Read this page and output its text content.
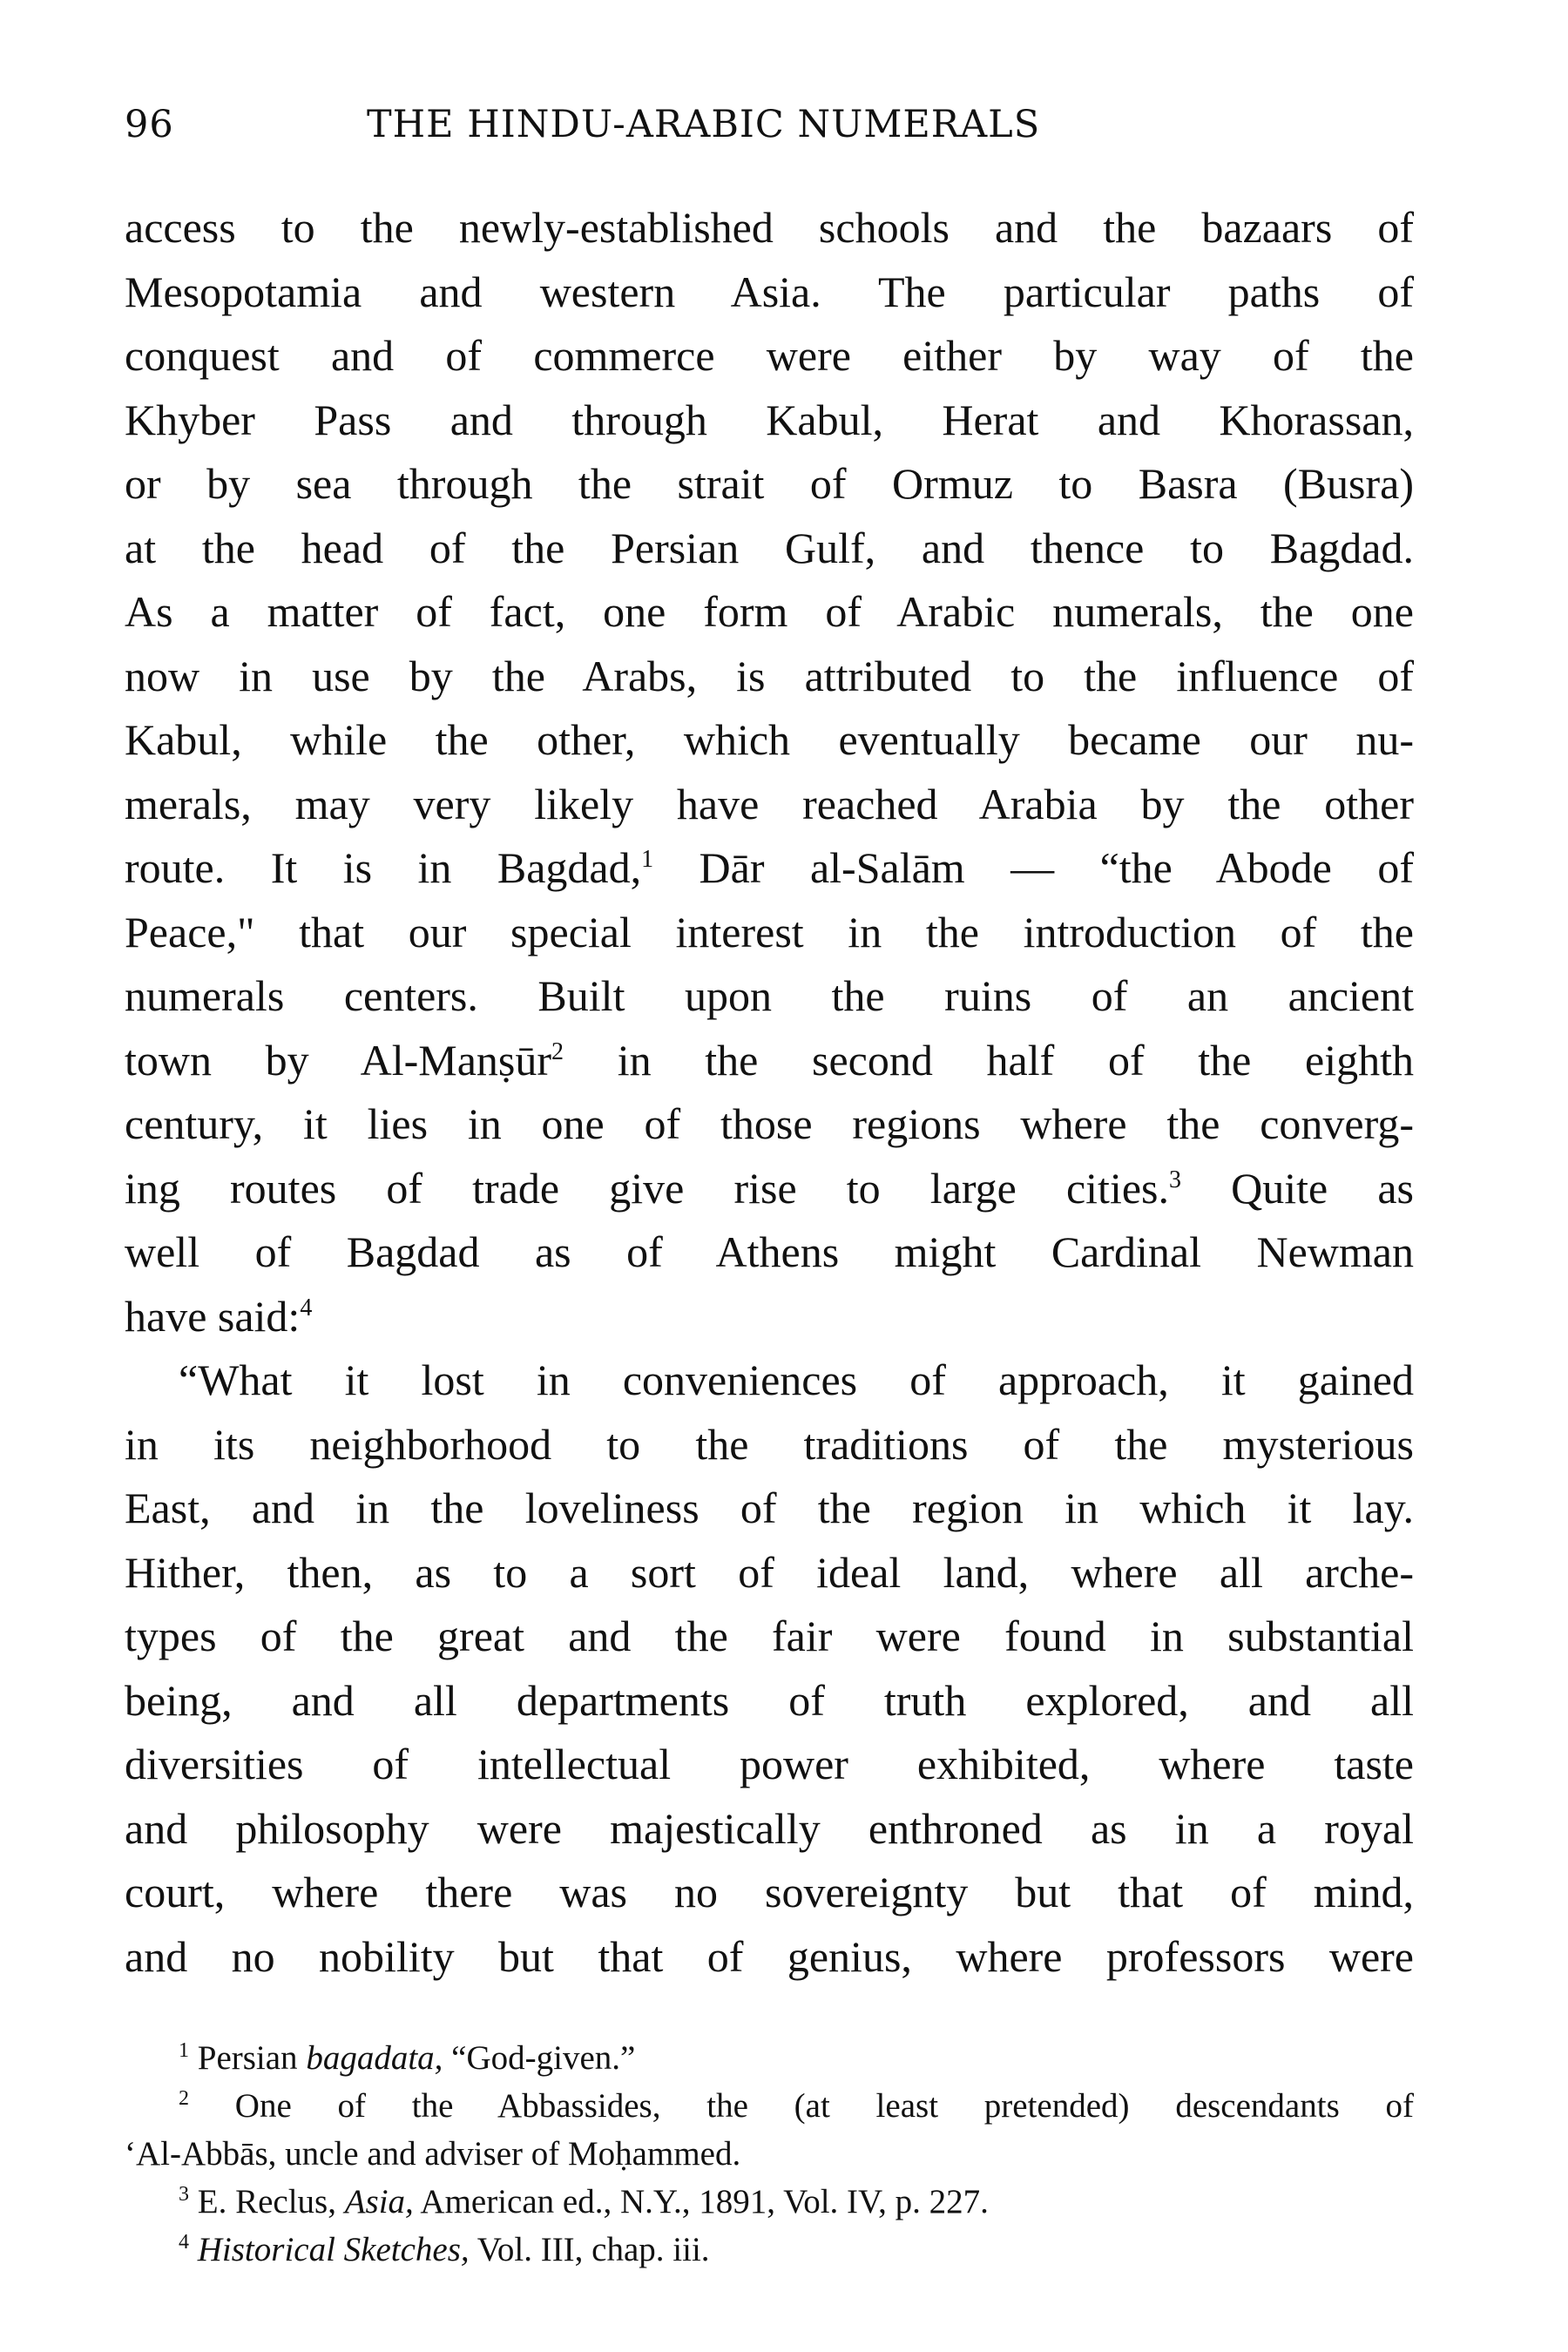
96	THE HINDU-ARABIC NUMERALS
access to the newly-established schools and the bazaars of
Mesopotamia and western Asia. The particular paths of
conquest and of commerce were either by way of the
Khyber Pass and through Kabul, Herat and Khorassan,
or by sea through the strait of Ormuz to Basra (Busra)
at the head of the Persian Gulf, and thence to Bagdad.
As a matter of fact, one form of Arabic numerals, the one
now in use by the Arabs, is attributed to the influence of
Kabul, while the other, which eventually became our nu-
merals, may very likely have reached Arabia by the other
route. It is in Bagdad,$^1$ Dār al-Salām — “the Abode of
Peace," that our special interest in the introduction of the
numerals centers. Built upon the ruins of an ancient
town by Al-Manṣūr$^2$ in the second half of the eighth
century, it lies in one of those regions where the converg-
ing routes of trade give rise to large cities.$^3$ Quite as
well of Bagdad as of Athens might Cardinal Newman
have said:$^4$
“What it lost in conveniences of approach, it gained
in its neighborhood to the traditions of the mysterious
East, and in the loveliness of the region in which it lay.
Hither, then, as to a sort of ideal land, where all arche-
types of the great and the fair were found in substantial
being, and all departments of truth explored, and all
diversities of intellectual power exhibited, where taste
and philosophy were majestically enthroned as in a royal
court, where there was no sovereignty but that of mind,
and no nobility but that of genius, where professors were
$^1$ Persian bagadata, “God-given.”
$^2$ One of the Abbassides, the (at least pretended) descendants of
‘Al-Abbās, uncle and adviser of Moḥammed.
$^3$ E. Reclus, Asia, American ed., N.Y., 1891, Vol. IV, p. 227.
$^4$ Historical Sketches, Vol. III, chap. iii.
